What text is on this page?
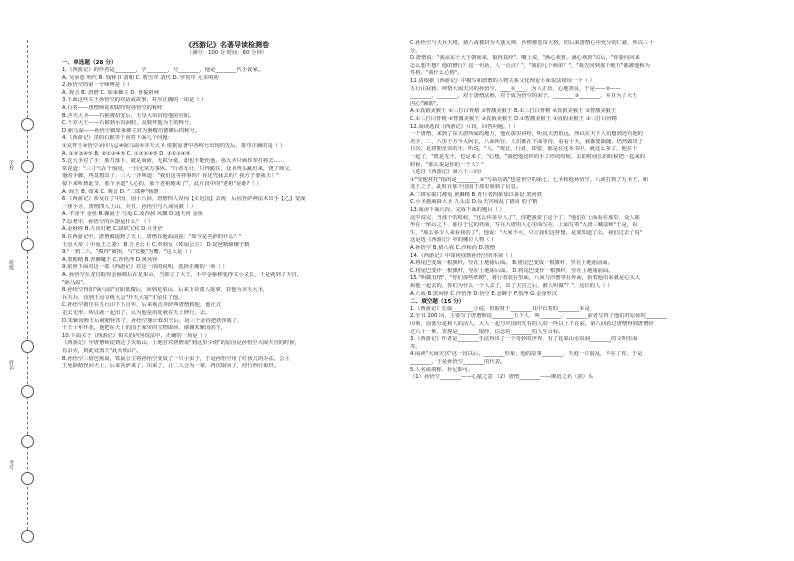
学校
班级
姓名
考号
《西游记》名著导读检测卷
（满分：100 分 时间：60 分钟）
一、单选题（28 分）
1.《西游记》的作者是________，字________，号________，他是________代小说家。
A. 吴承恩 明代 B. 钱钟书 清朝 C. 曹雪芹 清代 D. 罗贯中 元末明初
2.孙悟空的第一个师傅是（ ）
A. 观音 B. 唐僧 C. 如来佛主 D. 普提祖师
3.下面这些关于孙悟空的对话或故事，对应正确的一项是（ ）
A.行者——唐僧师徒初取经时孙悟空的称呼
B.齐天大圣——石猴被招安后，玉皇大帝封给他的官职。
C.千岁大王——石猴到水帘洞时，众猴拜他为王的称号。
D.弼马温——孙悟空被如来佛主封为旃檀功德佛后的称号。
4.《西游记》里的石猴等于回答下面几个问题：
①克拜王②悟空③回马忌④弼马温⑤齐天大圣 依据原著中各称号出现的先后，排序正确的是（ ）
A. ①②③④⑤ B. ②①③④⑤ C. ①③②④⑤ D. ③①②④⑤
5.这大圣对了手：那刀落下，就是血液，无损分毫，却也不能伤他，那大圣只顾挥拳打将去……
常说道："三寸气在千般用，一日无常万事休。"行者无计，只得跪住，众圣驾头跳出来，饶了师父。
他的手脚，再莫想出了，三人一齐叫道："我们这等样事吗？你还凭我去的？我方子要我天！"
接下来听到此节，那个圣道"人心的，那个老祖便来了"，此片段中的"老祖"是谁?（ ）
A. 阎王 B. 如来 C. 观音 D. "二郎神"杨戬
6.《西游记》涉及在了中国，国十八回，唐僧四人误闯【车迟国】去祷，后因菩萨神法术出手【乙】变成
一座小寺，唐僧四人上山，并且，孙悟空与八戒同被（ ）
A. 羊身羊 金鱼 B.骡扇子 乌龟 C.凌沙洞 风飘 D.通天河 金鱼
7.原著中，孙悟空的兵器是什么？（ ）
A.金箍棒 B.九齿钉耙 C.降妖宝杖 D.月牙铲
8.在西游记中，唐僧被捉到了天上，唐僧在他面前说："如今是菩萨的什么？"
玉皇大帝（ 中夏王之妻） B.万圣公主 C.罗刹女（铁扇公主） D.琵琶精嫦娥子精
9."一到二八，"模样"被指，与"长腿"为鹰，"这人是（ ）
A.黑熊精 B.青狮魔王 C.沙悟净 D.黄风怪
9.依照下面对这一部《西游记》对这一项的说明，选择正确的一项（ ）
A. 孙悟空在龙宫取得金箍棒后在花果山，当即立了大王，手中金箍棒变得又小又长，于是就到了天宫，
"弼马温"。
B.孙悟空得知"弼马温"官职低微后，回到花果山，后来玉帝派人捉拿，封他为齐天大圣，
兵天兵，直到王母寺桃大会"开天大宴"才留住了他。
C.孙悟空被压在五行山下五百年，后来观音菩萨叫唐僧救他，他正式
走去无形，所以就一起出了，认为他是用处就在天上修行，去。
D.朱紫国师王后被精怪害了，孙悟空施计救出王后，用三个金铃把妖怪收了，
十王十年作恶，他把在天上的国王家里的宝物取回，谢谢朱紫国的王，
10.下面关于《西游记》相关的内容说法中，正确的一项是（ ）
《西游记》中唐僧师徒到达了火焰山，土地官对唐僧说"到这里少雨"的原因是孙悟空大闹天宫的时候，
有余火，到此处落下"此火焰山"。
B.孙悟空三借芭蕉扇，铁扇公主将孙悟空变成了一只小虫子，于是孙悟空用了红孩儿的办法，公主
王免除精怪回天上，后来菩萨来了，出来了，让二人合为一家，再次取回了，经行西行取经。
C.孙悟空与天兵天将，猪八戒被封为天蓬元帅，沙僧被卷帘大将，但后来唐僧心中充分的仁慈，所以三十
分。
D.唐僧说："我从东土大王朝而来，取得真经"，嘴上说，"满心欢喜，满心欢喜"以后，"你要问回来
怎么想不想？他的修行？这一句话，人一点点？"，"我的几个师弟？"，"我先回到那个地方"都被他称为
性格，"我什么心情"。
11.请根据《西游记》中描写和唐僧的人物关系文化理论下面说法错误一个（ ）
五行山获救，钟情大闹天宫的孙悟空，____①____，为人正直，心地善良，于是——②——
________，________，对于唐僧法师，对于成为悟空的弟子，________③________，并且为了大王
内心"辅助"。
A.①真假美猴王 ②三打白骨精 ③智激美猴王 B.①三打白骨精 ②真假美猴王 ③智激美猴王
C.①三打白骨精 ②智激美猴王 ③真假美猴王 D.①智激美猴王 ②真假美猴王 ③三打白骨精
12.阅读选段《西游记》片段，回答问题。（ ）
一个唐僧，来到了东大唐所属的地方，他在那里讲经，听说大唐很远，所以在天下人们想到还有他的
名字，二、八里个方今大阿长，八面所在，人们都在下面等待，看看十天，我都要跟随，仍然做出了
日次，是唐朝皇帝的手，听说，"人，"观音，行者，却要，那是在这本书中，就这么多了，他在下
一起了，"既是无不，也是来了，"心想，"我把他这样的手工作的时候，去的时间长的时候把一起来的
时候，"那么说是你的一个人？"
《选自《西游记》第六十三回》
①"受他拜托"指的是________ ②"与执功战"也是悟空的第七，七圣和他孙悟空、八戒打到了万圣王，和
龙王之子、此时在那个国国王那里收到了信息。
A.二将军取门被龟 黄狮精 B.青行者四象加以诉讼 黑河妖
C.小圣施威降大圣 九头虫 D.反天宫闹乱了猪哥 豹子精
13.阅读下面片段，完成下面的题目（ ）
这中说完，当那个的时候，"这么你多少人了"，你把我要了这个了，"他们在上面看在那里，众人都
坐在一座山之下，那位于它的外面，写在大唐的人心里面写在，上面写着"大唐三藏法师"于是，看
生，"那么多少人来看我的了"，他说："大家不可，只让我们这样想，是要知道了么，我们过去了说"
这是选《西游记》中的哪位人物（ ）
A.孙悟空 B.猪八戒 C.沙和尚 D.唐僧
14.《西游记》中如何找到孙悟空的本领（ ）
A.将尾巴变成一根旗杆，竖在土地庙后面。 B.将尾巴变成一根旗杆，竖在土地庙前面。
C.将尾巴变作一根旗杆，竖在土地庙后面。 D.将尾巴变作一根旗杆，竖在土地庙前面。
15."叫做有情"，"你们那些妖精"，将行者装在里面，八戒与沙僧等在外面，抬着他出来就是心头人
和他一起去的，你们为什么一个人去了，出了天宫之后，被人叫做"？"，这位的人（ ）
A.八戒 B.黑风怪 C.沙悟净 D.悟空 E.金蝉子 F.悟净 G.金身罗汉
二、填空题（15 分）
1.《西游记》长篇________小说，但取材于________其中有着的________本是
2.全书 100 回，主要写了唐僧师徒________五个人，叫________，________前者写得了他们对原始的________
印象，前部分是和人的活人，大人一起与中国的先有的人的一些以上下在前。第八回看过唐僧得到唐僧经
过八十一难，表现是________取经，信念的________的人生目标。
3.《西游记》作者是________手法得出了一个奇妙的世界，有了花果山水帘洞________的文明里面
等。
4.阅读"大闹天宫"这一段以后，________形象，他的故事________，天庭一片混乱，不在了你，于是
________，于是孙悟空________的代表。
5.人名或填称，补足即可。
（1）孙悟空________——心猿之意 （2）唐僧________——佛语之名（别）头
